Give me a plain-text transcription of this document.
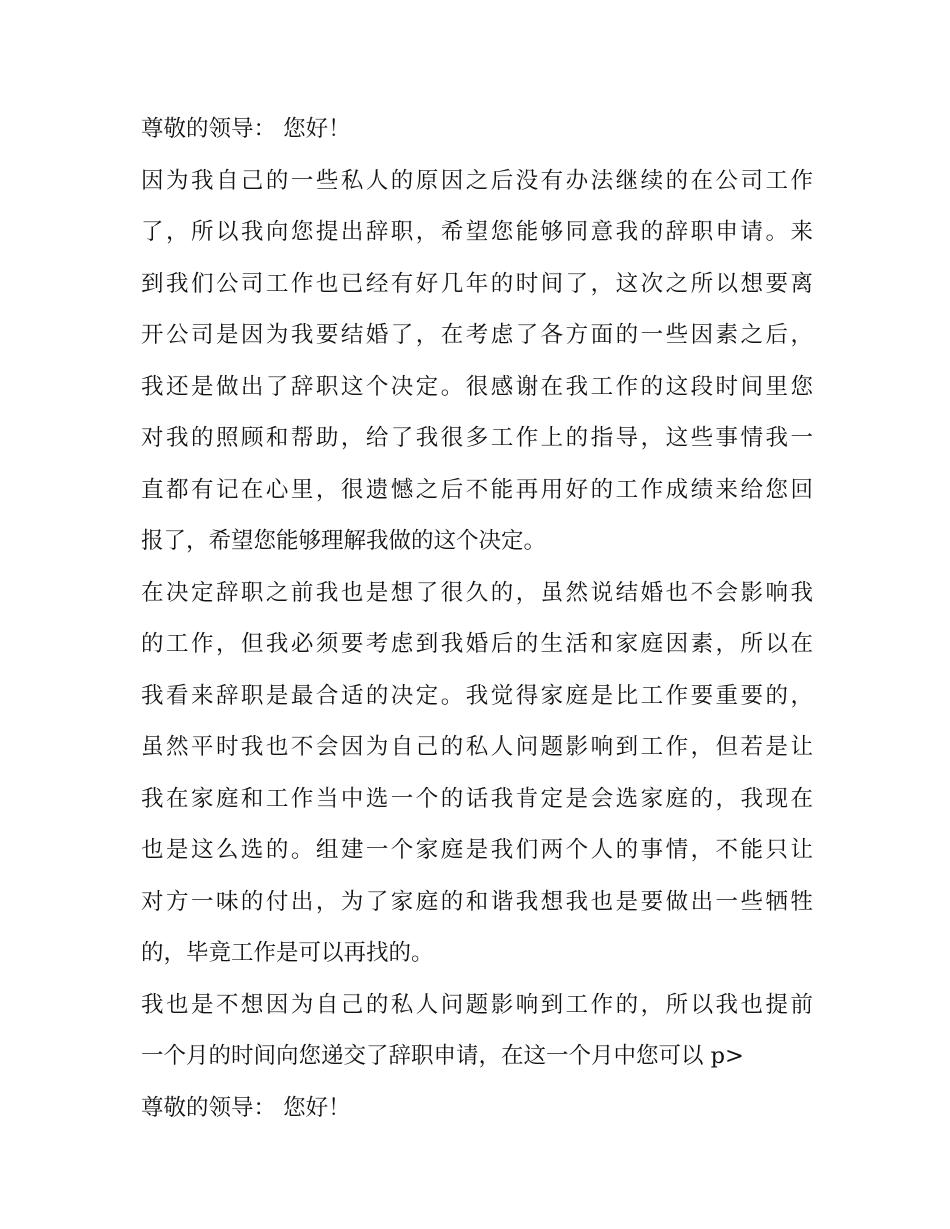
尊敬的领导： 您好！
因为我自己的一些私人的原因之后没有办法继续的在公司工作
了，所以我向您提出辞职，希望您能够同意我的辞职申请。来
到我们公司工作也已经有好几年的时间了，这次之所以想要离
开公司是因为我要结婚了，在考虑了各方面的一些因素之后，
我还是做出了辞职这个决定。很感谢在我工作的这段时间里您
对我的照顾和帮助，给了我很多工作上的指导，这些事情我一
直都有记在心里，很遗憾之后不能再用好的工作成绩来给您回
报了，希望您能够理解我做的这个决定。
在决定辞职之前我也是想了很久的，虽然说结婚也不会影响我
的工作，但我必须要考虑到我婚后的生活和家庭因素，所以在
我看来辞职是最合适的决定。我觉得家庭是比工作要重要的，
虽然平时我也不会因为自己的私人问题影响到工作，但若是让
我在家庭和工作当中选一个的话我肯定是会选家庭的，我现在
也是这么选的。组建一个家庭是我们两个人的事情，不能只让
对方一味的付出，为了家庭的和谐我想我也是要做出一些牺牲
的，毕竟工作是可以再找的。
我也是不想因为自己的私人问题影响到工作的，所以我也提前
一个月的时间向您递交了辞职申请，在这一个月中您可以 p>
尊敬的领导： 您好！
